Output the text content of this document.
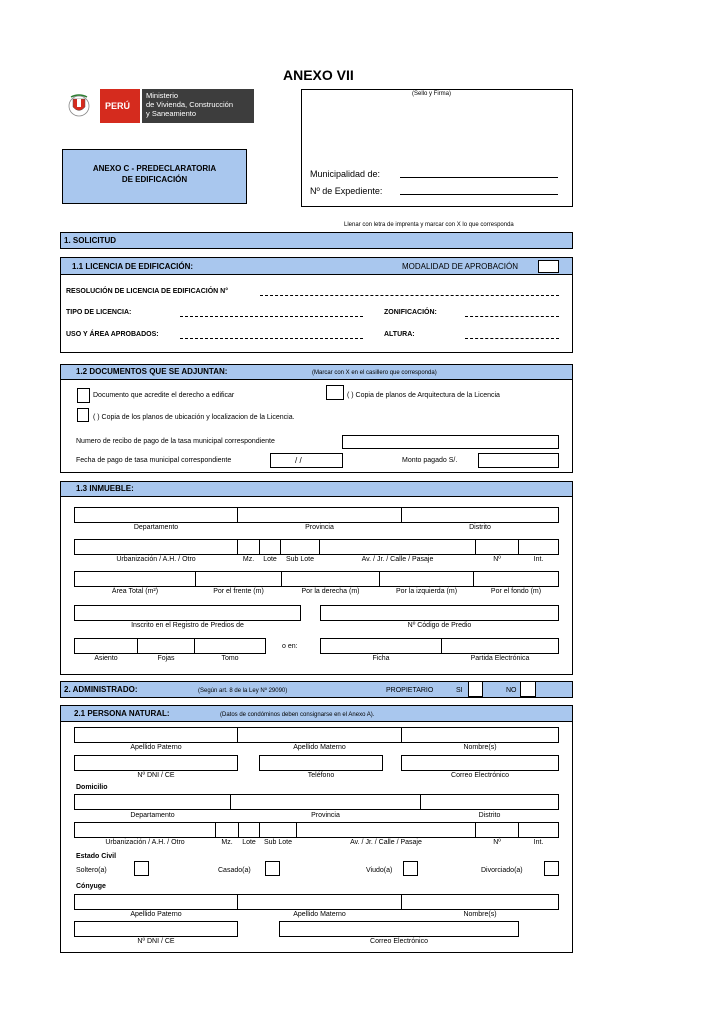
ANEXO VII
PERÚ
Ministerio
de Vivienda, Construcción
y Saneamiento
(Sello y Firma)
Municipalidad de:
Nº de Expediente:
ANEXO C - PREDECLARATORIA
DE EDIFICACIÓN
Llenar con letra de imprenta y marcar con X lo que corresponda
1. SOLICITUD
1.1 LICENCIA DE EDIFICACIÓN:	MODALIDAD DE APROBACIÓN
RESOLUCIÓN DE LICENCIA DE EDIFICACIÓN N°
TIPO DE LICENCIA:	ZONIFICACIÓN:
USO Y ÁREA APROBADOS:	ALTURA:
1.2 DOCUMENTOS QUE SE ADJUNTAN:	(Marcar con X en el casillero que corresponda)
Documento que acredite el derecho a edificar	( ) Copia de planos de Arquitectura de la Licencia
( ) Copia de los planos de ubicación y localizacion de la Licencia.
Numero de recibo de pago de la tasa municipal correspondiente
Fecha de pago de tasa municipal correspondiente	/ /	Monto pagado S/.
1.3 INMUEBLE:
Departamento	Provincia	Distrito
Urbanización / A.H. / Otro	Mz.	Lote	Sub Lote	Av. / Jr. / Calle / Pasaje	Nº	Int.
Área Total (m²)	Por el frente (m)	Por la derecha (m)	Por la izquierda (m)	Por el fondo (m)
Inscrito en el Registro de Predios de	Nº Código de Predio
o en:
Asiento	Fojas	Tomo	Ficha	Partida Electrónica
2. ADMINISTRADO:	(Según art. 8 de la Ley Nº 29090)	PROPIETARIO	SI	NO
2.1 PERSONA NATURAL:	(Datos de condóminos deben consignarse en el Anexo A).
Apellido Paterno	Apellido Materno	Nombre(s)
Nº DNI / CE	Teléfono	Correo Electrónico
Domicilio
Departamento	Provincia	Distrito
Urbanización / A.H. / Otro	Mz.	Lote	Sub Lote	Av. / Jr. / Calle / Pasaje	Nº	Int.
Estado Civil
Soltero(a)	Casado(a)	Viudo(a)	Divorciado(a)
Cónyuge
Apellido Paterno	Apellido Materno	Nombre(s)
Nº DNI / CE	Correo Electrónico
